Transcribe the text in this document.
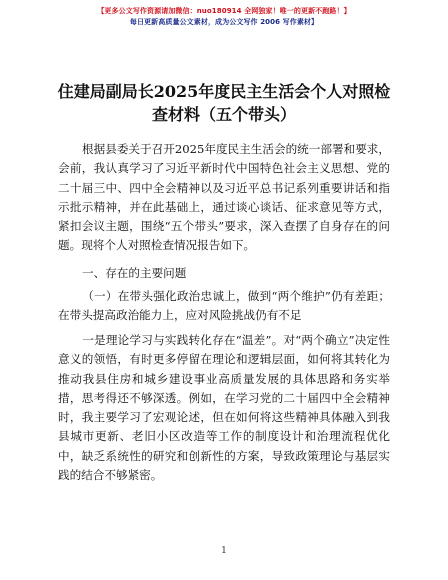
【更多公文写作资源请加微信：nuo180914 全网独家！唯一的更新不跑路！】
每日更新高质量公文素材，成为公文写作 2006 写作素材】
住建局副局长2025年度民主生活会个人对照检
查材料（五个带头）
根据县委关于召开2025年度民主生活会的统一部署和要求，会前，我认真学习了习近平新时代中国特色社会主义思想、党的二十届三中、四中全会精神以及习近平总书记系列重要讲话和指示批示精神，并在此基础上，通过谈心谈话、征求意见等方式，紧扣会议主题，围绕“五个带头”要求，深入查摆了自身存在的问题。现将个人对照检查情况报告如下。
一、存在的主要问题
（一）在带头强化政治忠诚上，做到“两个维护”仍有差距；在带头提高政治能力上，应对风险挑战仍有不足
一是理论学习与实践转化存在“温差”。对“两个确立”决定性意义的领悟，有时更多停留在理论和逻辑层面，如何将其转化为推动我县住房和城乡建设事业高质量发展的具体思路和务实举措，思考得还不够深透。例如，在学习党的二十届四中全会精神时，我主要学习了宏观论述，但在如何将这些精神具体融入到我县城市更新、老旧小区改造等工作的制度设计和治理流程优化中，缺乏系统性的研究和创新性的方案，导致政策理论与基层实践的结合不够紧密。
1
